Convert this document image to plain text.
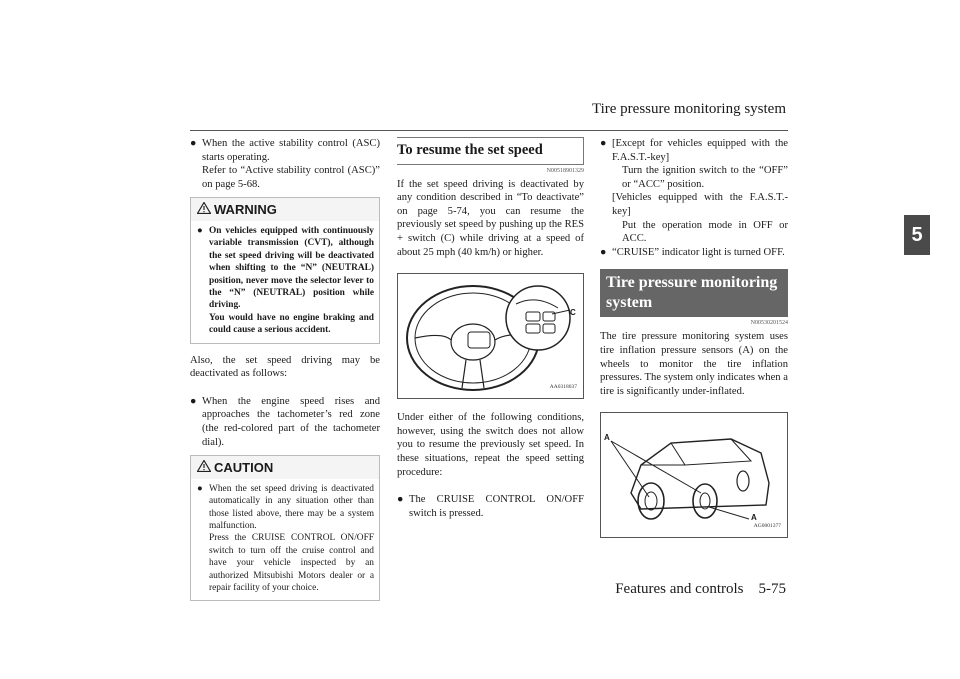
Tire pressure monitoring system
5
● When the active stability control (ASC) starts operating.
Refer to “Active stability control (ASC)” on page 5-68.
WARNING
● On vehicles equipped with continuously variable transmission (CVT), although the set speed driving will be deactivated when shifting to the “N” (NEUTRAL) position, never move the selector lever to the “N” (NEUTRAL) position while driving.
You would have no engine braking and could cause a serious accident.

Also, the set speed driving may be deactivated as follows:

● When the engine speed rises and approaches the tachometer’s red zone (the red-colored part of the tachometer dial).
CAUTION
● When the set speed driving is deactivated automatically in any situation other than those listed above, there may be a system malfunction.
Press the CRUISE CONTROL ON/OFF switch to turn off the cruise control and have your vehicle inspected by an authorized Mitsubishi Motors dealer or a repair facility of your choice.
To resume the set speed
N00518901329

If the set speed driving is deactivated by any condition described in “To deactivate” on page 5-74, you can resume the previously set speed by pushing up the RES + switch (C) while driving at a speed of about 25 mph (40 km/h) or higher.

C
AA0318037

Under either of the following conditions, however, using the switch does not allow you to resume the previously set speed. In these situations, repeat the speed setting procedure:

● The CRUISE CONTROL ON/OFF switch is pressed.
● [Except for vehicles equipped with the F.A.S.T.-key]
Turn the ignition switch to the “OFF” or “ACC” position.
[Vehicles equipped with the F.A.S.T.-key]
Put the operation mode in OFF or ACC.
● “CRUISE” indicator light is turned OFF.
Tire pressure monitoring system
N00530201524

The tire pressure monitoring system uses tire inflation pressure sensors (A) on the wheels to monitor the tire inflation pressures. The system only indicates when a tire is significantly under-inflated.

A
A
AG0001377
Features and controls    5-75
